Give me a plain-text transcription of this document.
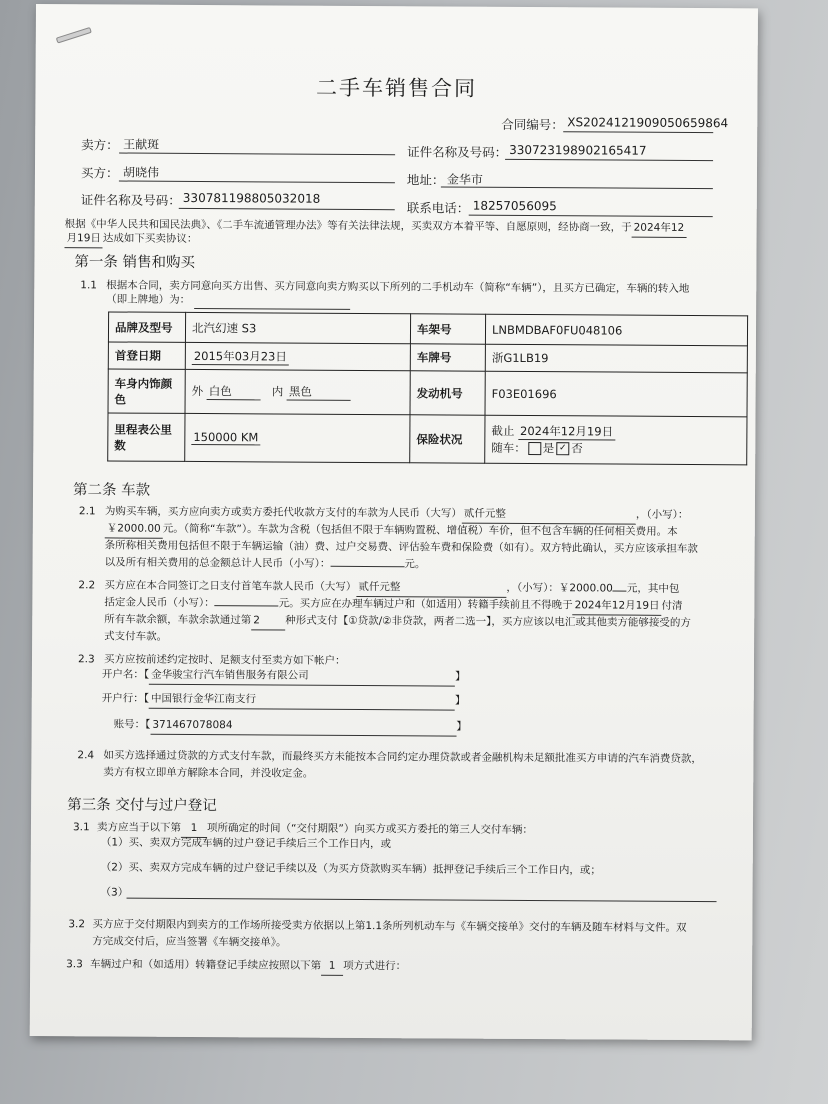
二手车销售合同
合同编号： XS2024121909050659864
卖方： 王献斑	证件名称及号码： 330723198902165417
买方： 胡晓伟	地址： 金华市
证件名称及号码： 330781198805032018
联系电话： 18257056095
根据《中华人民共和国民法典》、《二手车流通管理办法》等有关法律法规，买卖双方本着平等、自愿原则，经协商一致，于 2024年12
月19日 达成如下买卖协议：
第一条 销售和购买
1.1 根据本合同，卖方同意向买方出售、买方同意向卖方购买以下所列的二手机动车（简称“车辆”），且买方已确定，车辆的转入地
（即上牌地）为：
品牌及型号	北汽幻速 S3	车架号	LNBMDBAF0FU048106
首登日期	2015年03月23日	车牌号	浙G1LB19
车身内饰颜色	外 白色 内 黑色	发动机号	F03E01696
里程表公里数	150000 KM	保险状况	截止 2024年12月19日
随车： 是 ✓ 否
第二条 车款
2.1 为购买车辆，买方应向卖方或卖方委托代收款方支付的车款为人民币（大写） 贰仟元整	，（小写）：
￥2000.00 元。（简称“车款”）。车款为含税（包括但不限于车辆购置税、增值税）车价，但不包含车辆的任何相关费用。本
条所称相关费用包括但不限于车辆运输（油）费、过户交易费、评估验车费和保险费（如有）。双方特此确认，买方应该承担车款
以及所有相关费用的总金额总计人民币（小写）：	元。
2.2 买方应在本合同签订之日支付首笔车款人民币（大写） 贰仟元整	，（小写）：￥2000.00 元，其中包
括定金人民币（小写）：	元。买方应在办理车辆过户和（如适用）转籍手续前且不得晚于 2024年12月19日 付清
所有车款余额，车款余款通过第 2 种形式支付【①贷款/②非贷款，两者二选一】，买方应该以电汇或其他卖方能够接受的方
式支付车款。
2.3 买方应按前述约定按时、足额支付至卖方如下帐户：
开户名：【 金华骏宝行汽车销售服务有限公司	】
开户行：【 中国银行金华江南支行	】
账号：【 371467078084	】
2.4 如买方选择通过贷款的方式支付车款，而最终买方未能按本合同约定办理贷款或者金融机构未足额批准买方申请的汽车消费贷款，
卖方有权立即单方解除本合同，并没收定金。
第三条 交付与过户登记
3.1 卖方应当于以下第 1 项所确定的时间（“交付期限”）向买方或买方委托的第三人交付车辆：
（1）买、卖双方完成车辆的过户登记手续后三个工作日内，或
（2）买、卖双方完成车辆的过户登记手续以及（为买方贷款购买车辆）抵押登记手续后三个工作日内，或；
（3）
3.2 买方应于交付期限内到卖方的工作场所接受卖方依据以上第1.1条所列机动车与《车辆交接单》交付的车辆及随车材料与文件。双
方完成交付后，应当签署《车辆交接单》。
3.3 车辆过户和（如适用）转籍登记手续应按照以下第 1 项方式进行：
